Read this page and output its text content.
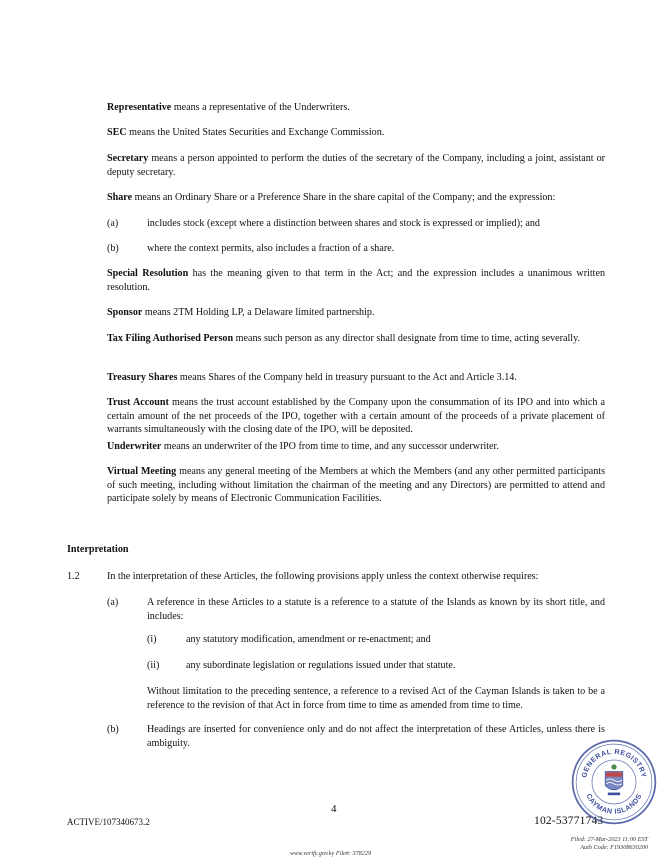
Representative means a representative of the Underwriters.
SEC means the United States Securities and Exchange Commission.
Secretary means a person appointed to perform the duties of the secretary of the Company, including a joint, assistant or deputy secretary.
Share means an Ordinary Share or a Preference Share in the share capital of the Company; and the expression:
(a)	includes stock (except where a distinction between shares and stock is expressed or implied); and
(b)	where the context permits, also includes a fraction of a share.
Special Resolution has the meaning given to that term in the Act; and the expression includes a unanimous written resolution.
Sponsor means 2TM Holding LP, a Delaware limited partnership.
Tax Filing Authorised Person means such person as any director shall designate from time to time, acting severally.
Treasury Shares means Shares of the Company held in treasury pursuant to the Act and Article 3.14.
Trust Account means the trust account established by the Company upon the consummation of its IPO and into which a certain amount of the net proceeds of the IPO, together with a certain amount of the proceeds of a private placement of warrants simultaneously with the closing date of the IPO, will be deposited.
Underwriter means an underwriter of the IPO from time to time, and any successor underwriter.
Virtual Meeting means any general meeting of the Members at which the Members (and any other permitted participants of such meeting, including without limitation the chairman of the meeting and any Directors) are permitted to attend and participate solely by means of Electronic Communication Facilities.
Interpretation
1.2	In the interpretation of these Articles, the following provisions apply unless the context otherwise requires:
(a)	A reference in these Articles to a statute is a reference to a statute of the Islands as known by its short title, and includes:
(i)	any statutory modification, amendment or re-enactment; and
(ii)	any subordinate legislation or regulations issued under that statute.
Without limitation to the preceding sentence, a reference to a revised Act of the Cayman Islands is taken to be a reference to the revision of that Act in force from time to time as amended from time to time.
(b)	Headings are inserted for convenience only and do not affect the interpretation of these Articles, unless there is ambiguity.
4
ACTIVE/107340673.2	102-53771743
GENERAL REGISTRY
CAYMAN ISLANDS
Filed: 27-Mar-2023 11:00 EST
Auth Code: F19308630200
www.verify.gov.ky File#: 378229
